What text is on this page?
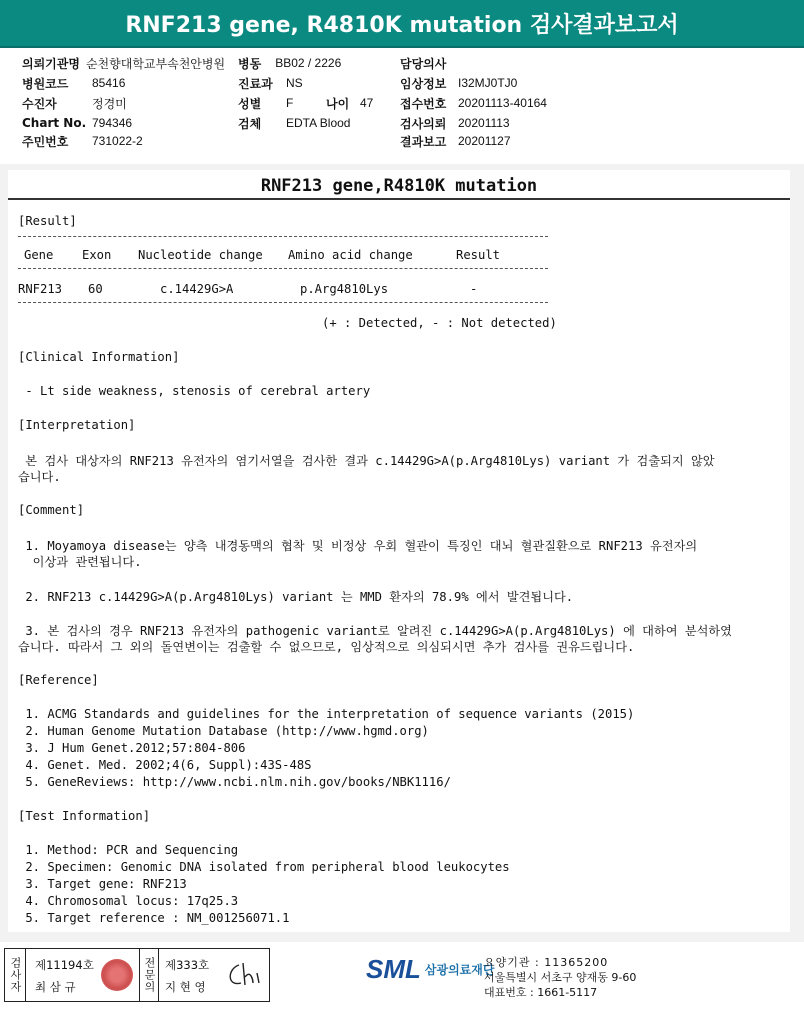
RNF213 gene, R4810K mutation 검사결과보고서
의뢰기관명 순천향대학교부속천안병원 병동 BB02 / 2226	담당의사
병원코드	85416	진료과	NS	임상정보 I32MJ0TJ0
수진자	정경미	성별	F	나이 47 접수번호 20201113-40164
Chart No. 794346	검체	EDTA Blood	검사의뢰 20201113
주민번호	731022-2	결과보고 20201127
RNF213 gene,R4810K mutation
[Result]
Gene Exon Nucleotide change Amino acid change	Result
RNF213 60	c.14429G>A	p.Arg4810Lys	-
(+ : Detected, - : Not detected)
[Clinical Information]
- Lt side weakness, stenosis of cerebral artery
[Interpretation]
본 검사 대상자의 RNF213 유전자의 염기서열을 검사한 결과 c.14429G>A(p.Arg4810Lys) variant 가 검출되지 않았
습니다.
[Comment]
1. Moyamoya disease는 양측 내경동맥의 협착 및 비정상 우회 혈관이 특징인 대뇌 혈관질환으로 RNF213 유전자의
이상과 관련됩니다.
2. RNF213 c.14429G>A(p.Arg4810Lys) variant 는 MMD 환자의 78.9% 에서 발견됩니다.
3. 본 검사의 경우 RNF213 유전자의 pathogenic variant로 알려진 c.14429G>A(p.Arg4810Lys) 에 대하여 분석하였
습니다. 따라서 그 외의 돌연변이는 검출할 수 없으므로, 임상적으로 의심되시면 추가 검사를 권유드립니다.
[Reference]
1. ACMG Standards and guidelines for the interpretation of sequence variants (2015)
2. Human Genome Mutation Database (http://www.hgmd.org)
3. J Hum Genet.2012;57:804-806
4. Genet. Med. 2002;4(6, Suppl):43S-48S
5. GeneReviews: http://www.ncbi.nlm.nih.gov/books/NBK1116/
[Test Information]
1. Method: PCR and Sequencing
2. Specimen: Genomic DNA isolated from peripheral blood leukocytes
3. Target gene: RNF213
4. Chromosomal locus: 17q25.3
5. Target reference : NM_001256071.1
검사자 제11194호
최 삼 규	전문의 제333호
지 현 영
SML 삼광의료재단
요양기관 : 11365200
서울특별시 서초구 양재동 9-60
대표번호 : 1661-5117
